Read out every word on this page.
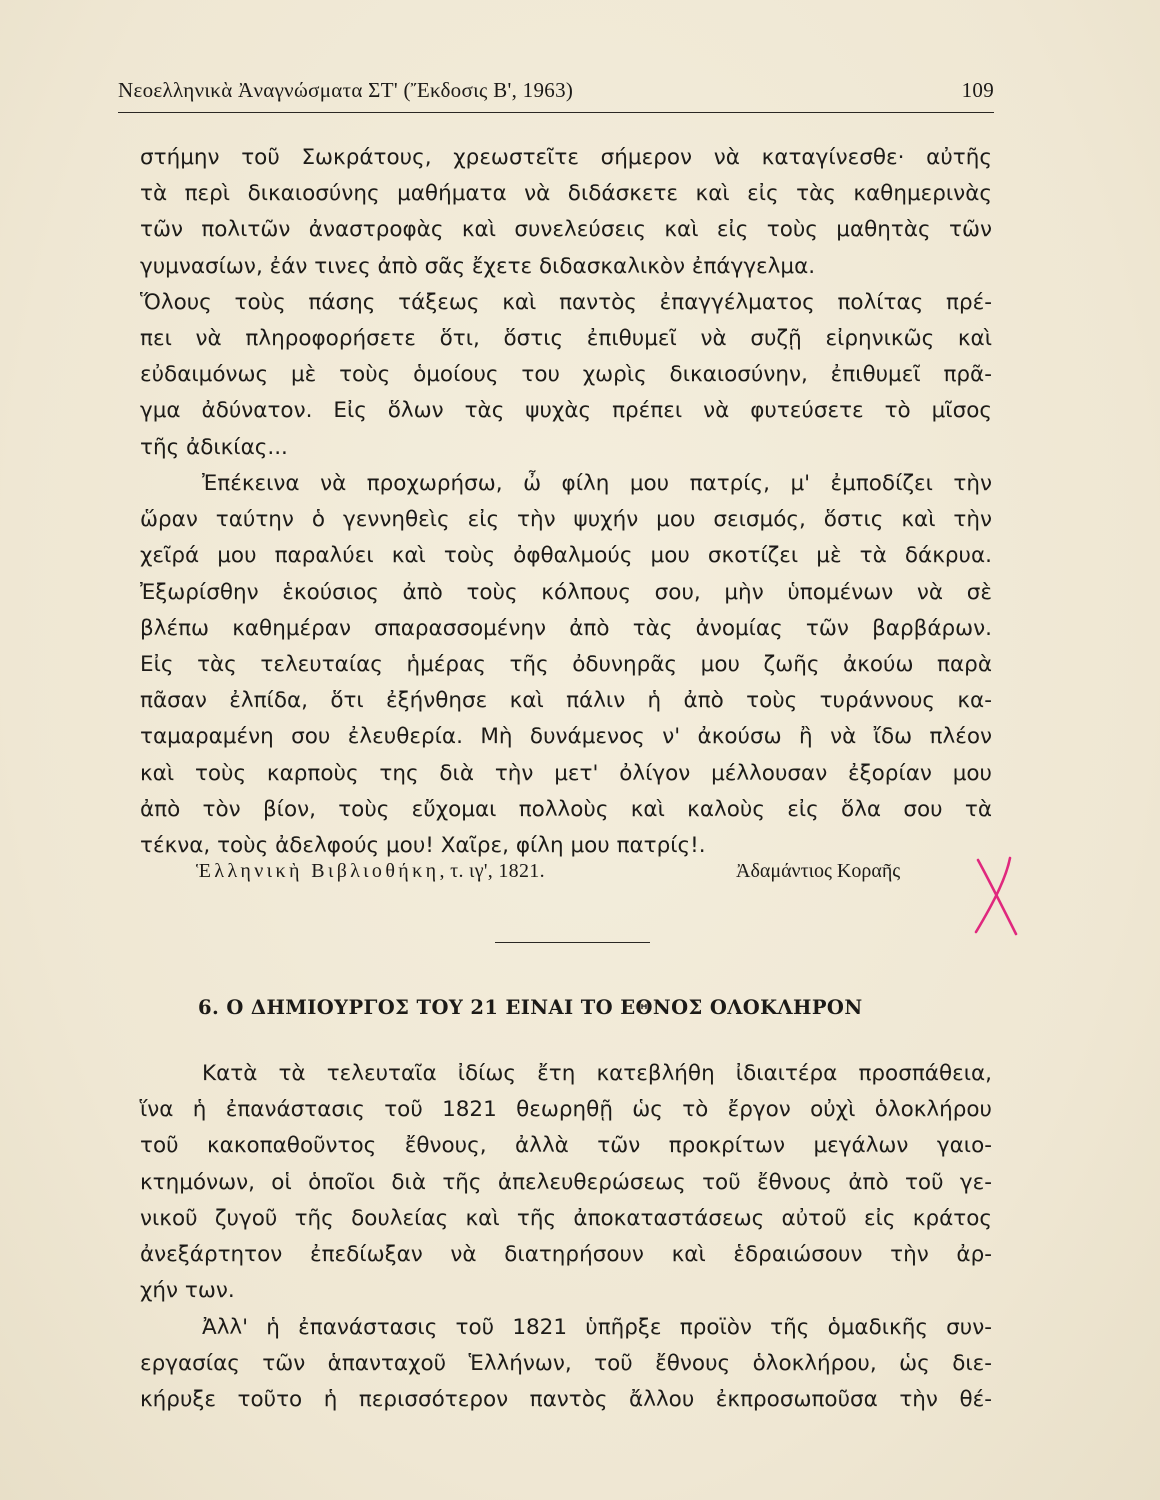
Νεοελληνικὰ Ἀναγνώσματα ΣΤ' (Ἔκδοσις Β', 1963)	109
στήμην τοῦ Σωκράτους, χρεωστεῖτε σήμερον νὰ καταγίνεσθε· αὐτῆς
τὰ περὶ δικαιοσύνης μαθήματα νὰ διδάσκετε καὶ εἰς τὰς καθημερινὰς
τῶν πολιτῶν ἀναστροφὰς καὶ συνελεύσεις καὶ εἰς τοὺς μαθητὰς τῶν
γυμνασίων, ἐάν τινες ἀπὸ σᾶς ἔχετε διδασκαλικὸν ἐπάγγελμα.
Ὅλους τοὺς πάσης τάξεως καὶ παντὸς ἐπαγγέλματος πολίτας πρέ-
πει νὰ πληροφορήσετε ὅτι, ὅστις ἐπιθυμεῖ νὰ συζῇ εἰρηνικῶς καὶ
εὐδαιμόνως μὲ τοὺς ὁμοίους του χωρὶς δικαιοσύνην, ἐπιθυμεῖ πρᾶ-
γμα ἀδύνατον. Εἰς ὅλων τὰς ψυχὰς πρέπει νὰ φυτεύσετε τὸ μῖσος
τῆς ἀδικίας...
Ἐπέκεινα νὰ προχωρήσω, ὦ φίλη μου πατρίς, μ' ἐμποδίζει τὴν
ὥραν ταύτην ὁ γεννηθεὶς εἰς τὴν ψυχήν μου σεισμός, ὅστις καὶ τὴν
χεῖρά μου παραλύει καὶ τοὺς ὀφθαλμούς μου σκοτίζει μὲ τὰ δάκρυα.
Ἐξωρίσθην ἑκούσιος ἀπὸ τοὺς κόλπους σου, μὴν ὑπομένων νὰ σὲ
βλέπω καθημέραν σπαρασσομένην ἀπὸ τὰς ἀνομίας τῶν βαρβάρων.
Εἰς τὰς τελευταίας ἡμέρας τῆς ὀδυνηρᾶς μου ζωῆς ἀκούω παρὰ
πᾶσαν ἐλπίδα, ὅτι ἐξήνθησε καὶ πάλιν ἡ ἀπὸ τοὺς τυράννους κα-
ταμαραμένη σου ἐλευθερία. Μὴ δυνάμενος ν' ἀκούσω ἢ νὰ ἴδω πλέον
καὶ τοὺς καρποὺς της διὰ τὴν μετ' ὀλίγον μέλλουσαν ἐξορίαν μου
ἀπὸ τὸν βίον, τοὺς εὔχομαι πολλοὺς καὶ καλοὺς εἰς ὅλα σου τὰ
τέκνα, τοὺς ἀδελφούς μου! Χαῖρε, φίλη μου πατρίς!.
Ἑλληνικὴ Βιβλιοθήκη, τ. ιγ', 1821.	Ἀδαμάντιος Κοραῆς
6. Ο ΔΗΜΙΟΥΡΓΟΣ ΤΟΥ 21 ΕΙΝΑΙ ΤΟ ΕΘΝΟΣ ΟΛΟΚΛΗΡΟΝ
Κατὰ τὰ τελευταῖα ἰδίως ἔτη κατεβλήθη ἰδιαιτέρα προσπάθεια,
ἵνα ἡ ἐπανάστασις τοῦ 1821 θεωρηθῇ ὡς τὸ ἔργον οὐχὶ ὁλοκλήρου
τοῦ κακοπαθοῦντος ἔθνους, ἀλλὰ τῶν προκρίτων μεγάλων γαιο-
κτημόνων, οἱ ὁποῖοι διὰ τῆς ἀπελευθερώσεως τοῦ ἔθνους ἀπὸ τοῦ γε-
νικοῦ ζυγοῦ τῆς δουλείας καὶ τῆς ἀποκαταστάσεως αὐτοῦ εἰς κράτος
ἀνεξάρτητον ἐπεδίωξαν νὰ διατηρήσουν καὶ ἑδραιώσουν τὴν ἀρ-
χήν των.
Ἀλλ' ἡ ἐπανάστασις τοῦ 1821 ὑπῆρξε προϊὸν τῆς ὁμαδικῆς συν-
εργασίας τῶν ἁπανταχοῦ Ἑλλήνων, τοῦ ἔθνους ὁλοκλήρου, ὡς διε-
κήρυξε τοῦτο ἡ περισσότερον παντὸς ἄλλου ἐκπροσωποῦσα τὴν θέ-
